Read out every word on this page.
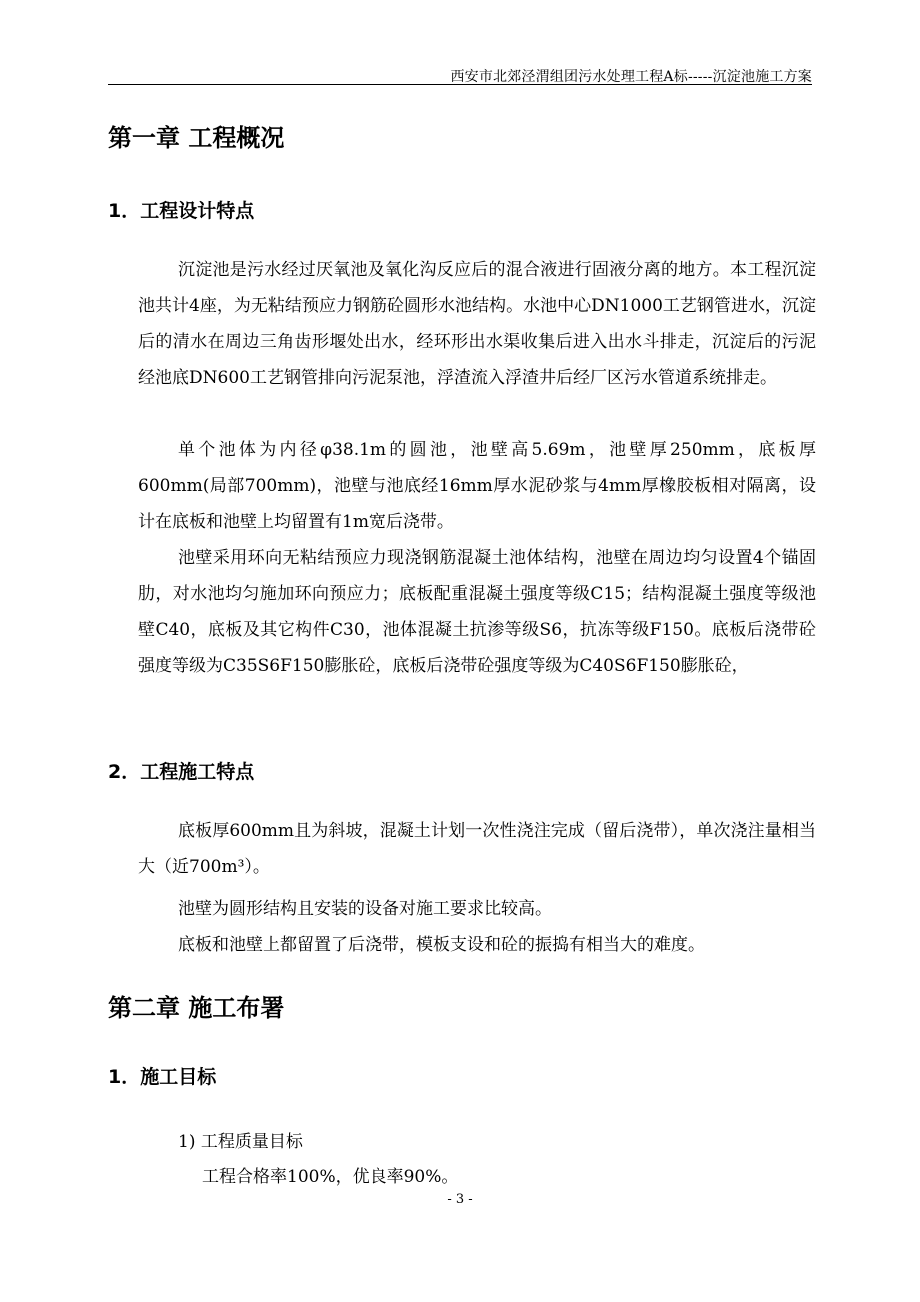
西安市北郊泾渭组团污水处理工程A标-----沉淀池施工方案
第一章 工程概况
1．工程设计特点
沉淀池是污水经过厌氧池及氧化沟反应后的混合液进行固液分离的地方。本工程沉淀池共计4座，为无粘结预应力钢筋砼圆形水池结构。水池中心DN1000工艺钢管进水，沉淀后的清水在周边三角齿形堰处出水，经环形出水渠收集后进入出水斗排走，沉淀后的污泥经池底DN600工艺钢管排向污泥泵池，浮渣流入浮渣井后经厂区污水管道系统排走。
单个池体为内径φ38.1m的圆池，池壁高5.69m，池壁厚250mm，底板厚600mm(局部700mm)，池壁与池底经16mm厚水泥砂浆与4mm厚橡胶板相对隔离，设计在底板和池壁上均留置有1m宽后浇带。
池壁采用环向无粘结预应力现浇钢筋混凝土池体结构，池壁在周边均匀设置4个锚固肋，对水池均匀施加环向预应力；底板配重混凝土强度等级C15；结构混凝土强度等级池壁C40，底板及其它构件C30，池体混凝土抗渗等级S6，抗冻等级F150。底板后浇带砼强度等级为C35S6F150膨胀砼，底板后浇带砼强度等级为C40S6F150膨胀砼，
2．工程施工特点
底板厚600mm且为斜坡，混凝土计划一次性浇注完成（留后浇带），单次浇注量相当大（近700m³）。
池壁为圆形结构且安装的设备对施工要求比较高。
底板和池壁上都留置了后浇带，模板支设和砼的振捣有相当大的难度。
第二章 施工布署
1．施工目标
1) 工程质量目标
工程合格率100%，优良率90%。
- 3 -
